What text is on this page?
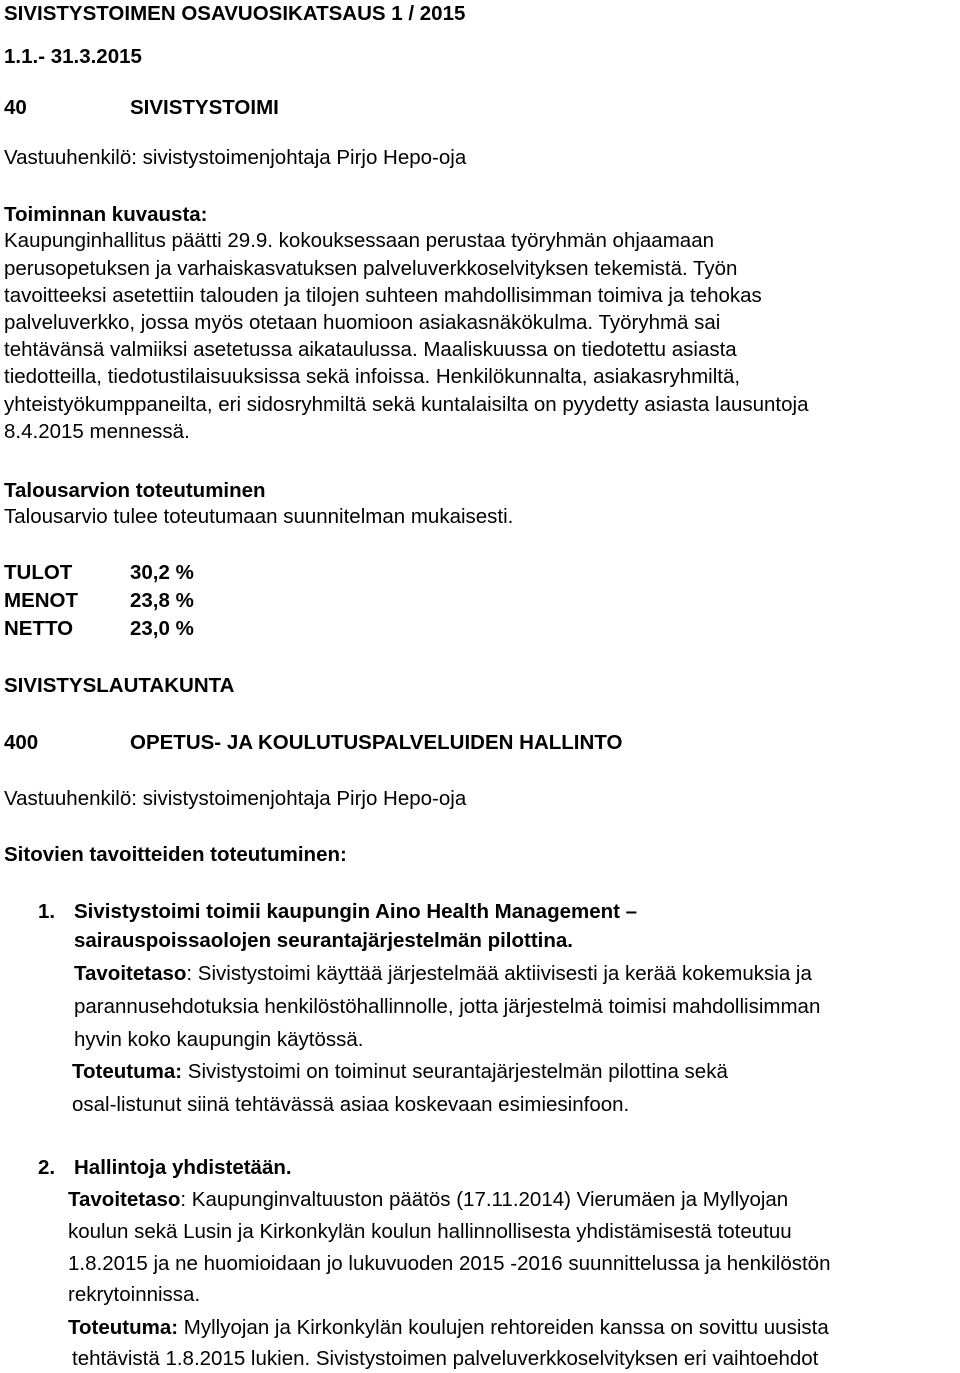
SIVISTYSTOIMEN OSAVUOSIKATSAUS 1 / 2015
1.1.- 31.3.2015
40	SIVISTYSTOIMI
Vastuuhenkilö: sivistystoimenjohtaja Pirjo Hepo-oja
Toiminnan kuvausta:
Kaupunginhallitus päätti 29.9. kokouksessaan perustaa työryhmän ohjaamaan
perusopetuksen ja varhaiskasvatuksen palveluverkkoselvityksen tekemistä. Työn
tavoitteeksi asetettiin talouden ja tilojen suhteen mahdollisimman toimiva ja tehokas
palveluverkko, jossa myös otetaan huomioon asiakasnäkökulma. Työryhmä sai
tehtävänsä valmiiksi asetetussa aikataulussa. Maaliskuussa on tiedotettu asiasta
tiedotteilla, tiedotustilaisuuksissa sekä infoissa. Henkilökunnalta, asiakasryhmiltä,
yhteistyökumppaneilta, eri sidosryhmiltä sekä kuntalaisilta on pyydetty asiasta lausuntoja
8.4.2015 mennessä.
Talousarvion toteutuminen
Talousarvio tulee toteutumaan suunnitelman mukaisesti.
TULOT	30,2 %
MENOT	23,8 %
NETTO	23,0 %
SIVISTYSLAUTAKUNTA
400	OPETUS- JA KOULUTUSPALVELUIDEN HALLINTO
Vastuuhenkilö: sivistystoimenjohtaja Pirjo Hepo-oja
Sitovien tavoitteiden toteutuminen:
1. Sivistystoimi toimii kaupungin Aino Health Management –
sairauspoissaolojen seurantajärjestelmän pilottina.
Tavoitetaso: Sivistystoimi käyttää järjestelmää aktiivisesti ja kerää kokemuksia ja
parannusehdotuksia henkilöstöhallinnolle, jotta järjestelmä toimisi mahdollisimman
hyvin koko kaupungin käytössä.
Toteutuma: Sivistystoimi on toiminut seurantajärjestelmän pilottina sekä
osal-listunut siinä tehtävässä asiaa koskevaan esimiesinfoon.
2. Hallintoja yhdistetään.
Tavoitetaso: Kaupunginvaltuuston päätös (17.11.2014) Vierumäen ja Myllyojan
koulun sekä Lusin ja Kirkonkylän koulun hallinnollisesta yhdistämisestä toteutuu
1.8.2015 ja ne huomioidaan jo lukuvuoden 2015 -2016 suunnittelussa ja henkilöstön
rekrytoinnissa.
Toteutuma: Myllyojan ja Kirkonkylän koulujen rehtoreiden kanssa on sovittu uusista
tehtävistä 1.8.2015 lukien. Sivistystoimen palveluverkkoselvityksen eri vaihtoehdot
